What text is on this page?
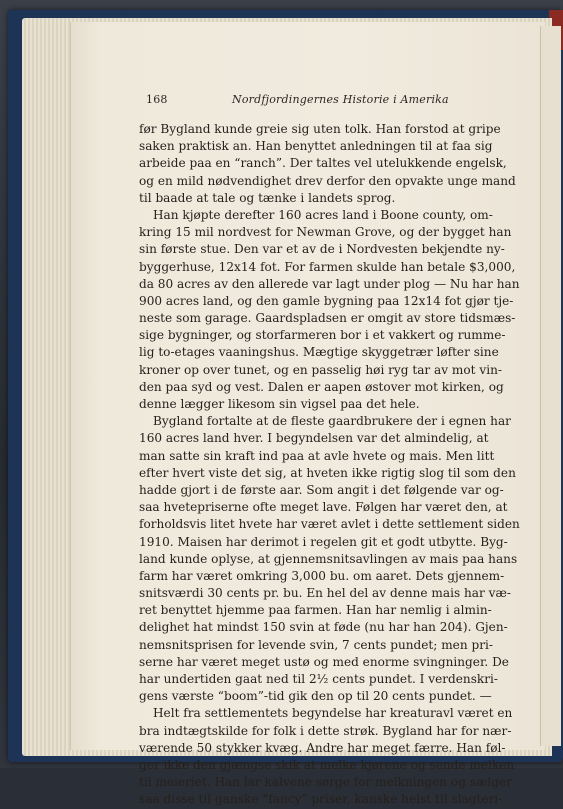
168	Nordfjordingernes Historie i Amerika
før Bygland kunde greie sig uten tolk. Han forstod at gripe
saken praktisk an. Han benyttet anledningen til at faa sig
arbeide paa en “ranch”. Der taltes vel utelukkende engelsk,
og en mild nødvendighet drev derfor den opvakte unge mand
til baade at tale og tænke i landets sprog.
Han kjøpte derefter 160 acres land i Boone county, om-
kring 15 mil nordvest for Newman Grove, og der bygget han
sin første stue. Den var et av de i Nordvesten bekjendte ny-
byggerhuse, 12x14 fot. For farmen skulde han betale $3,000,
da 80 acres av den allerede var lagt under plog — Nu har han
900 acres land, og den gamle bygning paa 12x14 fot gjør tje-
neste som garage. Gaardspladsen er omgit av store tidsmæs-
sige bygninger, og storfarmeren bor i et vakkert og rumme-
lig to-etages vaaningshus. Mægtige skyggetrær løfter sine
kroner op over tunet, og en passelig høi ryg tar av mot vin-
den paa syd og vest. Dalen er aapen østover mot kirken, og
denne lægger likesom sin vigsel paa det hele.
Bygland fortalte at de fleste gaardbrukere der i egnen har
160 acres land hver. I begyndelsen var det almindelig, at
man satte sin kraft ind paa at avle hvete og mais. Men litt
efter hvert viste det sig, at hveten ikke rigtig slog til som den
hadde gjort i de første aar. Som angit i det følgende var og-
saa hvetepriserne ofte meget lave. Følgen har været den, at
forholdsvis litet hvete har været avlet i dette settlement siden
1910. Maisen har derimot i regelen git et godt utbytte. Byg-
land kunde oplyse, at gjennemsnitsavlingen av mais paa hans
farm har været omkring 3,000 bu. om aaret. Dets gjennem-
snitsværdi 30 cents pr. bu. En hel del av denne mais har væ-
ret benyttet hjemme paa farmen. Han har nemlig i almin-
delighet hat mindst 150 svin at føde (nu har han 204). Gjen-
nemsnitsprisen for levende svin, 7 cents pundet; men pri-
serne har været meget ustø og med enorme svingninger. De
har undertiden gaat ned til 2½ cents pundet. I verdenskri-
gens værste “boom”-tid gik den op til 20 cents pundet. —
Helt fra settlementets begyndelse har kreaturavl været en
bra indtægtskilde for folk i dette strøk. Bygland har for nær-
værende 50 stykker kvæg. Andre har meget færre. Han føl-
ger ikke den gjængse skik at melke kjørene og sende melken
til meieriet. Han lar kalvene sørge for melkningen og sælger
saa disse til ganske “fancy” priser, kanske helst til slagteri-
